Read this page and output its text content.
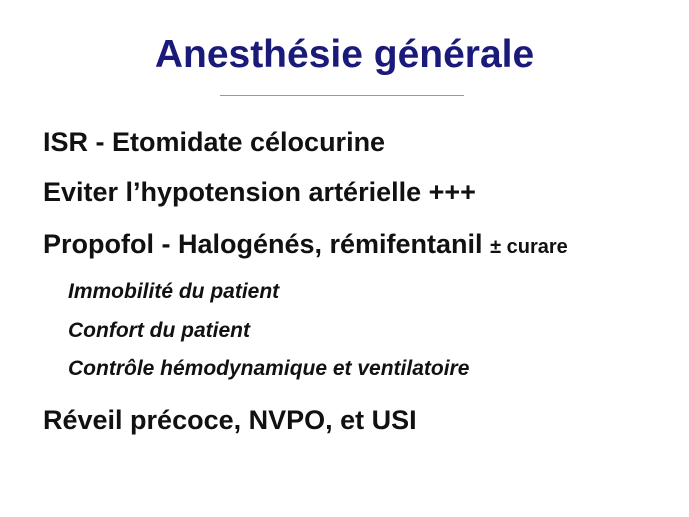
Anesthésie générale

ISR - Etomidate célocurine

Eviter l’hypotension artérielle +++

Propofol - Halogénés, rémifentanil ± curare

Immobilité du patient

Confort du patient

Contrôle hémodynamique et ventilatoire

Réveil précoce, NVPO, et USI
